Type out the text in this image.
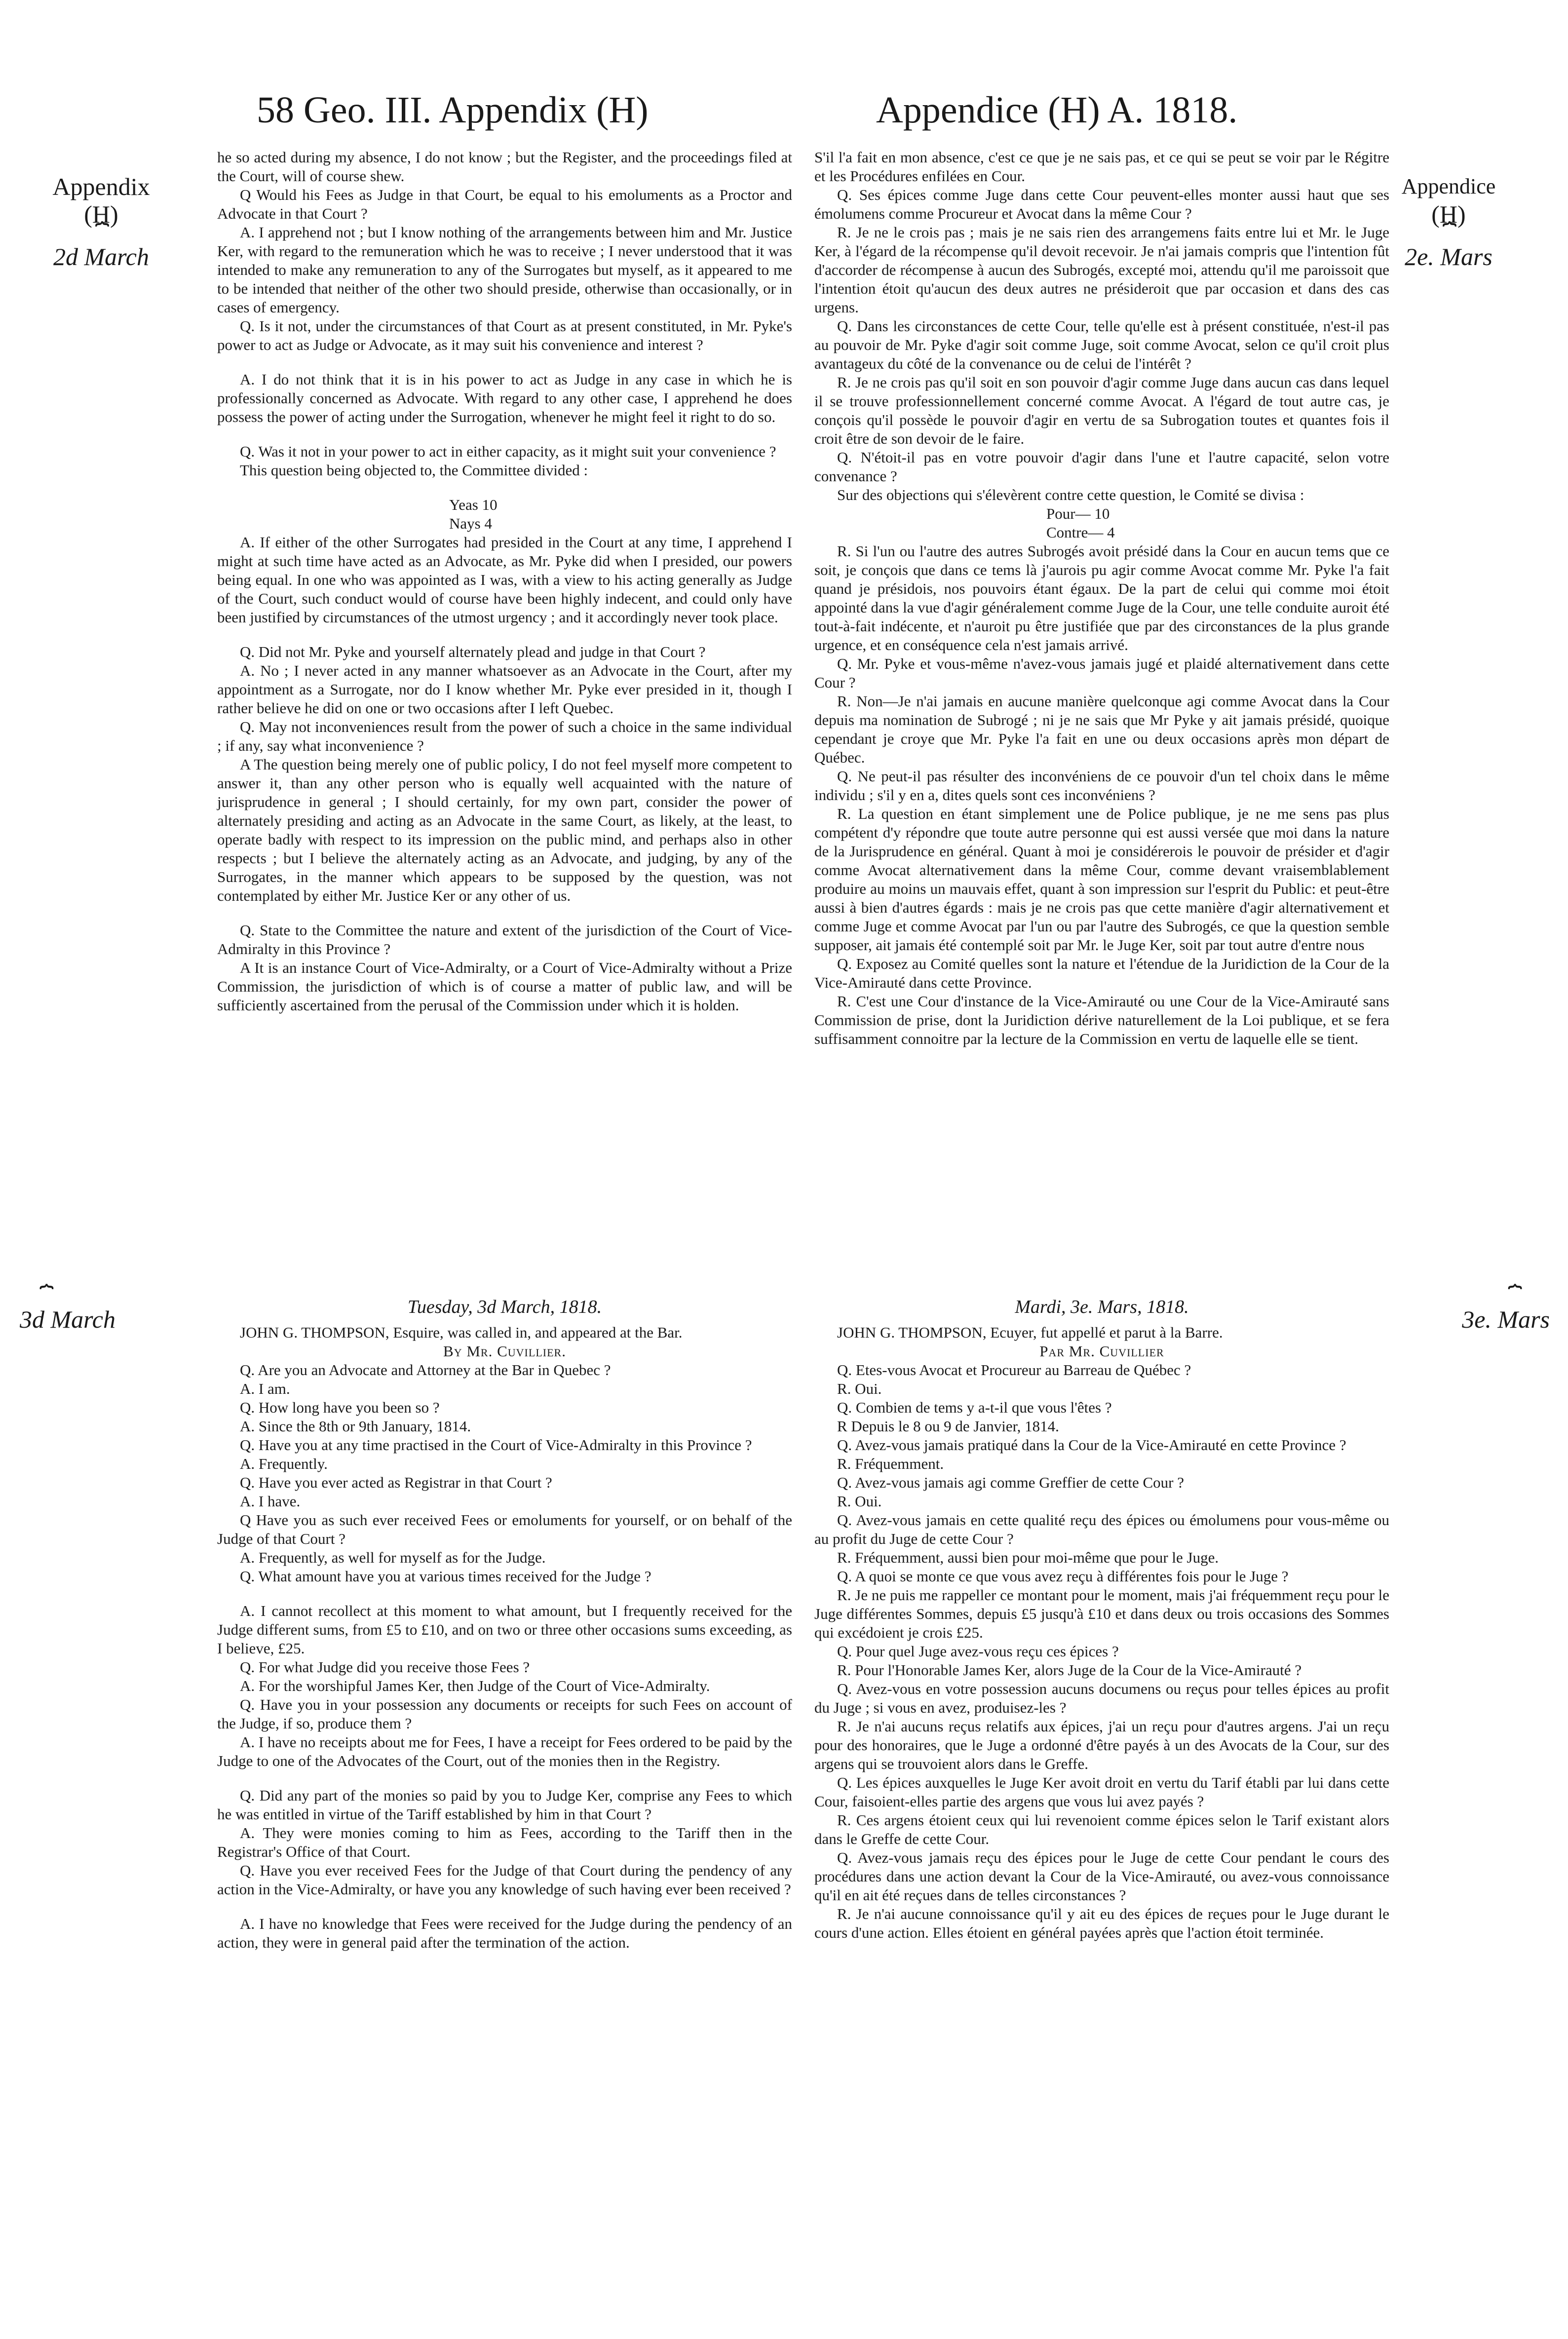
58 Geo. III. Appendix (H)	Appendice (H) A. 1818.
Appendix
(H)
⏞
2d March
Appendice
(H)
⏞
2e. Mars
⏞
3d March
⏞
3e. Mars

he so acted during my absence, I do not know ; but the Register, and the proceedings filed at the Court, will of course shew.

Q Would his Fees as Judge in that Court, be equal to his emoluments as a Proctor and Advocate in that Court ?

A. I apprehend not ; but I know nothing of the arrangements between him and Mr. Justice Ker, with regard to the remuneration which he was to receive ; I never understood that it was intended to make any remuneration to any of the Surrogates but myself, as it appeared to me to be intended that neither of the other two should preside, otherwise than occasionally, or in cases of emergency.

Q. Is it not, under the circumstances of that Court as at present constituted, in Mr. Pyke's power to act as Judge or Advocate, as it may suit his convenience and interest ?

A. I do not think that it is in his power to act as Judge in any case in which he is professionally concerned as Advocate. With regard to any other case, I apprehend he does possess the power of acting under the Surrogation, whenever he might feel it right to do so.

Q. Was it not in your power to act in either capacity, as it might suit your convenience ?

This question being objected to, the Committee divided :

Yeas 10

Nays 4

A. If either of the other Surrogates had presided in the Court at any time, I apprehend I might at such time have acted as an Advocate, as Mr. Pyke did when I presided, our powers being equal. In one who was appointed as I was, with a view to his acting generally as Judge of the Court, such conduct would of course have been highly indecent, and could only have been justified by circumstances of the utmost urgency ; and it accordingly never took place.

Q. Did not Mr. Pyke and yourself alternately plead and judge in that Court ?

A. No ; I never acted in any manner whatsoever as an Advocate in the Court, after my appointment as a Surrogate, nor do I know whether Mr. Pyke ever presided in it, though I rather believe he did on one or two occasions after I left Quebec.

Q. May not inconveniences result from the power of such a choice in the same individual ; if any, say what inconvenience ?

A The question being merely one of public policy, I do not feel myself more competent to answer it, than any other person who is equally well acquainted with the nature of jurisprudence in general ; I should certainly, for my own part, consider the power of alternately presiding and acting as an Advocate in the same Court, as likely, at the least, to operate badly with respect to its impression on the public mind, and perhaps also in other respects ; but I believe the alternately acting as an Advocate, and judging, by any of the Surrogates, in the manner which appears to be supposed by the question, was not contemplated by either Mr. Justice Ker or any other of us.

Q. State to the Committee the nature and extent of the jurisdiction of the Court of Vice-Admiralty in this Province ?

A It is an instance Court of Vice-Admiralty, or a Court of Vice-Admiralty without a Prize Commission, the jurisdiction of which is of course a matter of public law, and will be sufficiently ascertained from the perusal of the Commission under which it is holden.

S'il l'a fait en mon absence, c'est ce que je ne sais pas, et ce qui se peut se voir par le Régitre et les Procédures enfilées en Cour.

Q. Ses épices comme Juge dans cette Cour peuvent-elles monter aussi haut que ses émolumens comme Procureur et Avocat dans la même Cour ?

R. Je ne le crois pas ; mais je ne sais rien des arrangemens faits entre lui et Mr. le Juge Ker, à l'égard de la récompense qu'il devoit recevoir. Je n'ai jamais compris que l'intention fût d'accorder de récompense à aucun des Subrogés, excepté moi, attendu qu'il me paroissoit que l'intention étoit qu'aucun des deux autres ne présideroit que par occasion et dans des cas urgens.

Q. Dans les circonstances de cette Cour, telle qu'elle est à présent constituée, n'est-il pas au pouvoir de Mr. Pyke d'agir soit comme Juge, soit comme Avocat, selon ce qu'il croit plus avantageux du côté de la convenance ou de celui de l'intérêt ?

R. Je ne crois pas qu'il soit en son pouvoir d'agir comme Juge dans aucun cas dans lequel il se trouve professionnellement concerné comme Avocat. A l'égard de tout autre cas, je conçois qu'il possède le pouvoir d'agir en vertu de sa Subrogation toutes et quantes fois il croit être de son devoir de le faire.

Q. N'étoit-il pas en votre pouvoir d'agir dans l'une et l'autre capacité, selon votre convenance ?

Sur des objections qui s'élevèrent contre cette question, le Comité se divisa :

Pour— 10

Contre— 4

R. Si l'un ou l'autre des autres Subrogés avoit présidé dans la Cour en aucun tems que ce soit, je conçois que dans ce tems là j'aurois pu agir comme Avocat comme Mr. Pyke l'a fait quand je présidois, nos pouvoirs étant égaux. De la part de celui qui comme moi étoit appointé dans la vue d'agir généralement comme Juge de la Cour, une telle conduite auroit été tout-à-fait indécente, et n'auroit pu être justifiée que par des circonstances de la plus grande urgence, et en conséquence cela n'est jamais arrivé.

Q. Mr. Pyke et vous-même n'avez-vous jamais jugé et plaidé alternativement dans cette Cour ?

R. Non—Je n'ai jamais en aucune manière quelconque agi comme Avocat dans la Cour depuis ma nomination de Subrogé ; ni je ne sais que Mr Pyke y ait jamais présidé, quoique cependant je croye que Mr. Pyke l'a fait en une ou deux occasions après mon départ de Québec.

Q. Ne peut-il pas résulter des inconvéniens de ce pouvoir d'un tel choix dans le même individu ; s'il y en a, dites quels sont ces inconvéniens ?

R. La question en étant simplement une de Police publique, je ne me sens pas plus compétent d'y répondre que toute autre personne qui est aussi versée que moi dans la nature de la Jurisprudence en général. Quant à moi je considérerois le pouvoir de présider et d'agir comme Avocat alternativement dans la même Cour, comme devant vraisemblablement produire au moins un mauvais effet, quant à son impression sur l'esprit du Public: et peut-être aussi à bien d'autres égards : mais je ne crois pas que cette manière d'agir alternativement et comme Juge et comme Avocat par l'un ou par l'autre des Subrogés, ce que la question semble supposer, ait jamais été contemplé soit par Mr. le Juge Ker, soit par tout autre d'entre nous

Q. Exposez au Comité quelles sont la nature et l'étendue de la Juridiction de la Cour de la Vice-Amirauté dans cette Province.

R. C'est une Cour d'instance de la Vice-Amirauté ou une Cour de la Vice-Amirauté sans Commission de prise, dont la Juridiction dérive naturellement de la Loi publique, et se fera suffisamment connoitre par la lecture de la Commission en vertu de laquelle elle se tient.

Tuesday, 3d March, 1818.

JOHN G. THOMPSON, Esquire, was called in, and appeared at the Bar.

By Mr. Cuvillier.

Q. Are you an Advocate and Attorney at the Bar in Quebec ?

A. I am.

Q. How long have you been so ?

A. Since the 8th or 9th January, 1814.

Q. Have you at any time practised in the Court of Vice-Admiralty in this Province ?

A. Frequently.

Q. Have you ever acted as Registrar in that Court ?

A. I have.

Q Have you as such ever received Fees or emoluments for yourself, or on behalf of the Judge of that Court ?

A. Frequently, as well for myself as for the Judge.

Q. What amount have you at various times received for the Judge ?

A. I cannot recollect at this moment to what amount, but I frequently received for the Judge different sums, from £5 to £10, and on two or three other occasions sums exceeding, as I believe, £25.

Q. For what Judge did you receive those Fees ?

A. For the worshipful James Ker, then Judge of the Court of Vice-Admiralty.

Q. Have you in your possession any documents or receipts for such Fees on account of the Judge, if so, produce them ?

A. I have no receipts about me for Fees, I have a receipt for Fees ordered to be paid by the Judge to one of the Advocates of the Court, out of the monies then in the Registry.

Q. Did any part of the monies so paid by you to Judge Ker, comprise any Fees to which he was entitled in virtue of the Tariff established by him in that Court ?

A. They were monies coming to him as Fees, according to the Tariff then in the Registrar's Office of that Court.

Q. Have you ever received Fees for the Judge of that Court during the pendency of any action in the Vice-Admiralty, or have you any knowledge of such having ever been received ?

A. I have no knowledge that Fees were received for the Judge during the pendency of an action, they were in general paid after the termination of the action.

Mardi, 3e. Mars, 1818.

JOHN G. THOMPSON, Ecuyer, fut appellé et parut à la Barre.

Par Mr. Cuvillier

Q. Etes-vous Avocat et Procureur au Barreau de Québec ?

R. Oui.

Q. Combien de tems y a-t-il que vous l'êtes ?

R Depuis le 8 ou 9 de Janvier, 1814.

Q. Avez-vous jamais pratiqué dans la Cour de la Vice-Amirauté en cette Province ?

R. Fréquemment.

Q. Avez-vous jamais agi comme Greffier de cette Cour ?

R. Oui.

Q. Avez-vous jamais en cette qualité reçu des épices ou émolumens pour vous-même ou au profit du Juge de cette Cour ?

R. Fréquemment, aussi bien pour moi-même que pour le Juge.

Q. A quoi se monte ce que vous avez reçu à différentes fois pour le Juge ?

R. Je ne puis me rappeller ce montant pour le moment, mais j'ai fréquemment reçu pour le Juge différentes Sommes, depuis £5 jusqu'à £10 et dans deux ou trois occasions des Sommes qui excédoient je crois £25.

Q. Pour quel Juge avez-vous reçu ces épices ?

R. Pour l'Honorable James Ker, alors Juge de la Cour de la Vice-Amirauté ?

Q. Avez-vous en votre possession aucuns documens ou reçus pour telles épices au profit du Juge ; si vous en avez, produisez-les ?

R. Je n'ai aucuns reçus relatifs aux épices, j'ai un reçu pour d'autres argens. J'ai un reçu pour des honoraires, que le Juge a ordonné d'être payés à un des Avocats de la Cour, sur des argens qui se trouvoient alors dans le Greffe.

Q. Les épices auxquelles le Juge Ker avoit droit en vertu du Tarif établi par lui dans cette Cour, faisoient-elles partie des argens que vous lui avez payés ?

R. Ces argens étoient ceux qui lui revenoient comme épices selon le Tarif existant alors dans le Greffe de cette Cour.

Q. Avez-vous jamais reçu des épices pour le Juge de cette Cour pendant le cours des procédures dans une action devant la Cour de la Vice-Amirauté, ou avez-vous connoissance qu'il en ait été reçues dans de telles circonstances ?

R. Je n'ai aucune connoissance qu'il y ait eu des épices de reçues pour le Juge durant le cours d'une action. Elles étoient en général payées après que l'action étoit terminée.
